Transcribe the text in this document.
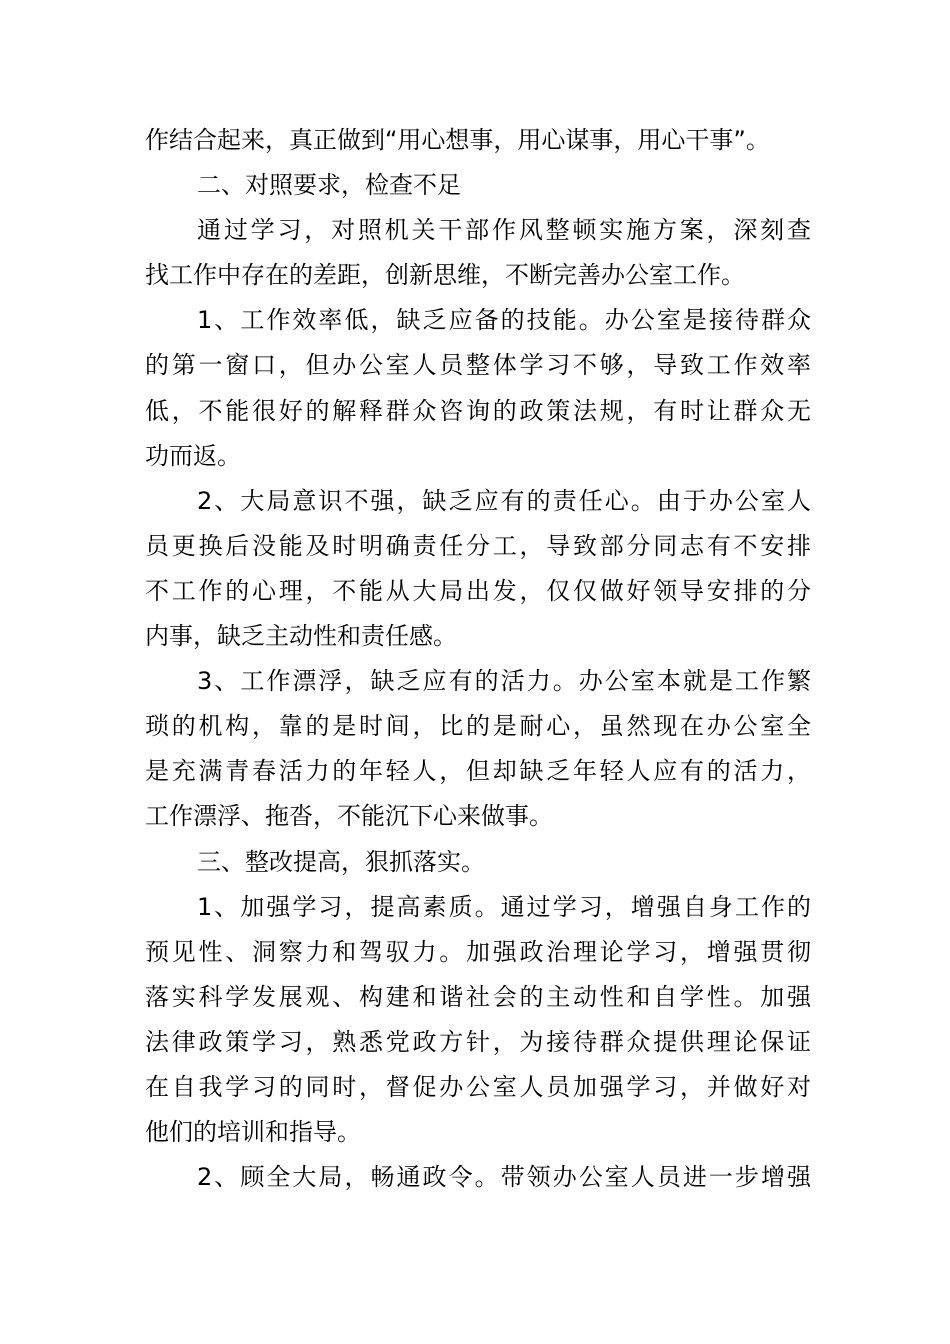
作结合起来，真正做到“用心想事，用心谋事，用心干事”。
二、对照要求，检查不足
通过学习，对照机关干部作风整顿实施方案，深刻查
找工作中存在的差距，创新思维，不断完善办公室工作。
1、工作效率低，缺乏应备的技能。办公室是接待群众
的第一窗口，但办公室人员整体学习不够，导致工作效率
低，不能很好的解释群众咨询的政策法规，有时让群众无
功而返。
2、大局意识不强，缺乏应有的责任心。由于办公室人
员更换后没能及时明确责任分工，导致部分同志有不安排
不工作的心理，不能从大局出发，仅仅做好领导安排的分
内事，缺乏主动性和责任感。
3、工作漂浮，缺乏应有的活力。办公室本就是工作繁
琐的机构，靠的是时间，比的是耐心，虽然现在办公室全
是充满青春活力的年轻人，但却缺乏年轻人应有的活力，
工作漂浮、拖沓，不能沉下心来做事。
三、整改提高，狠抓落实。
1、加强学习，提高素质。通过学习，增强自身工作的
预见性、洞察力和驾驭力。加强政治理论学习，增强贯彻
落实科学发展观、构建和谐社会的主动性和自学性。加强
法律政策学习，熟悉党政方针，为接待群众提供理论保证
在自我学习的同时，督促办公室人员加强学习，并做好对
他们的培训和指导。
2、顾全大局，畅通政令。带领办公室人员进一步增强
